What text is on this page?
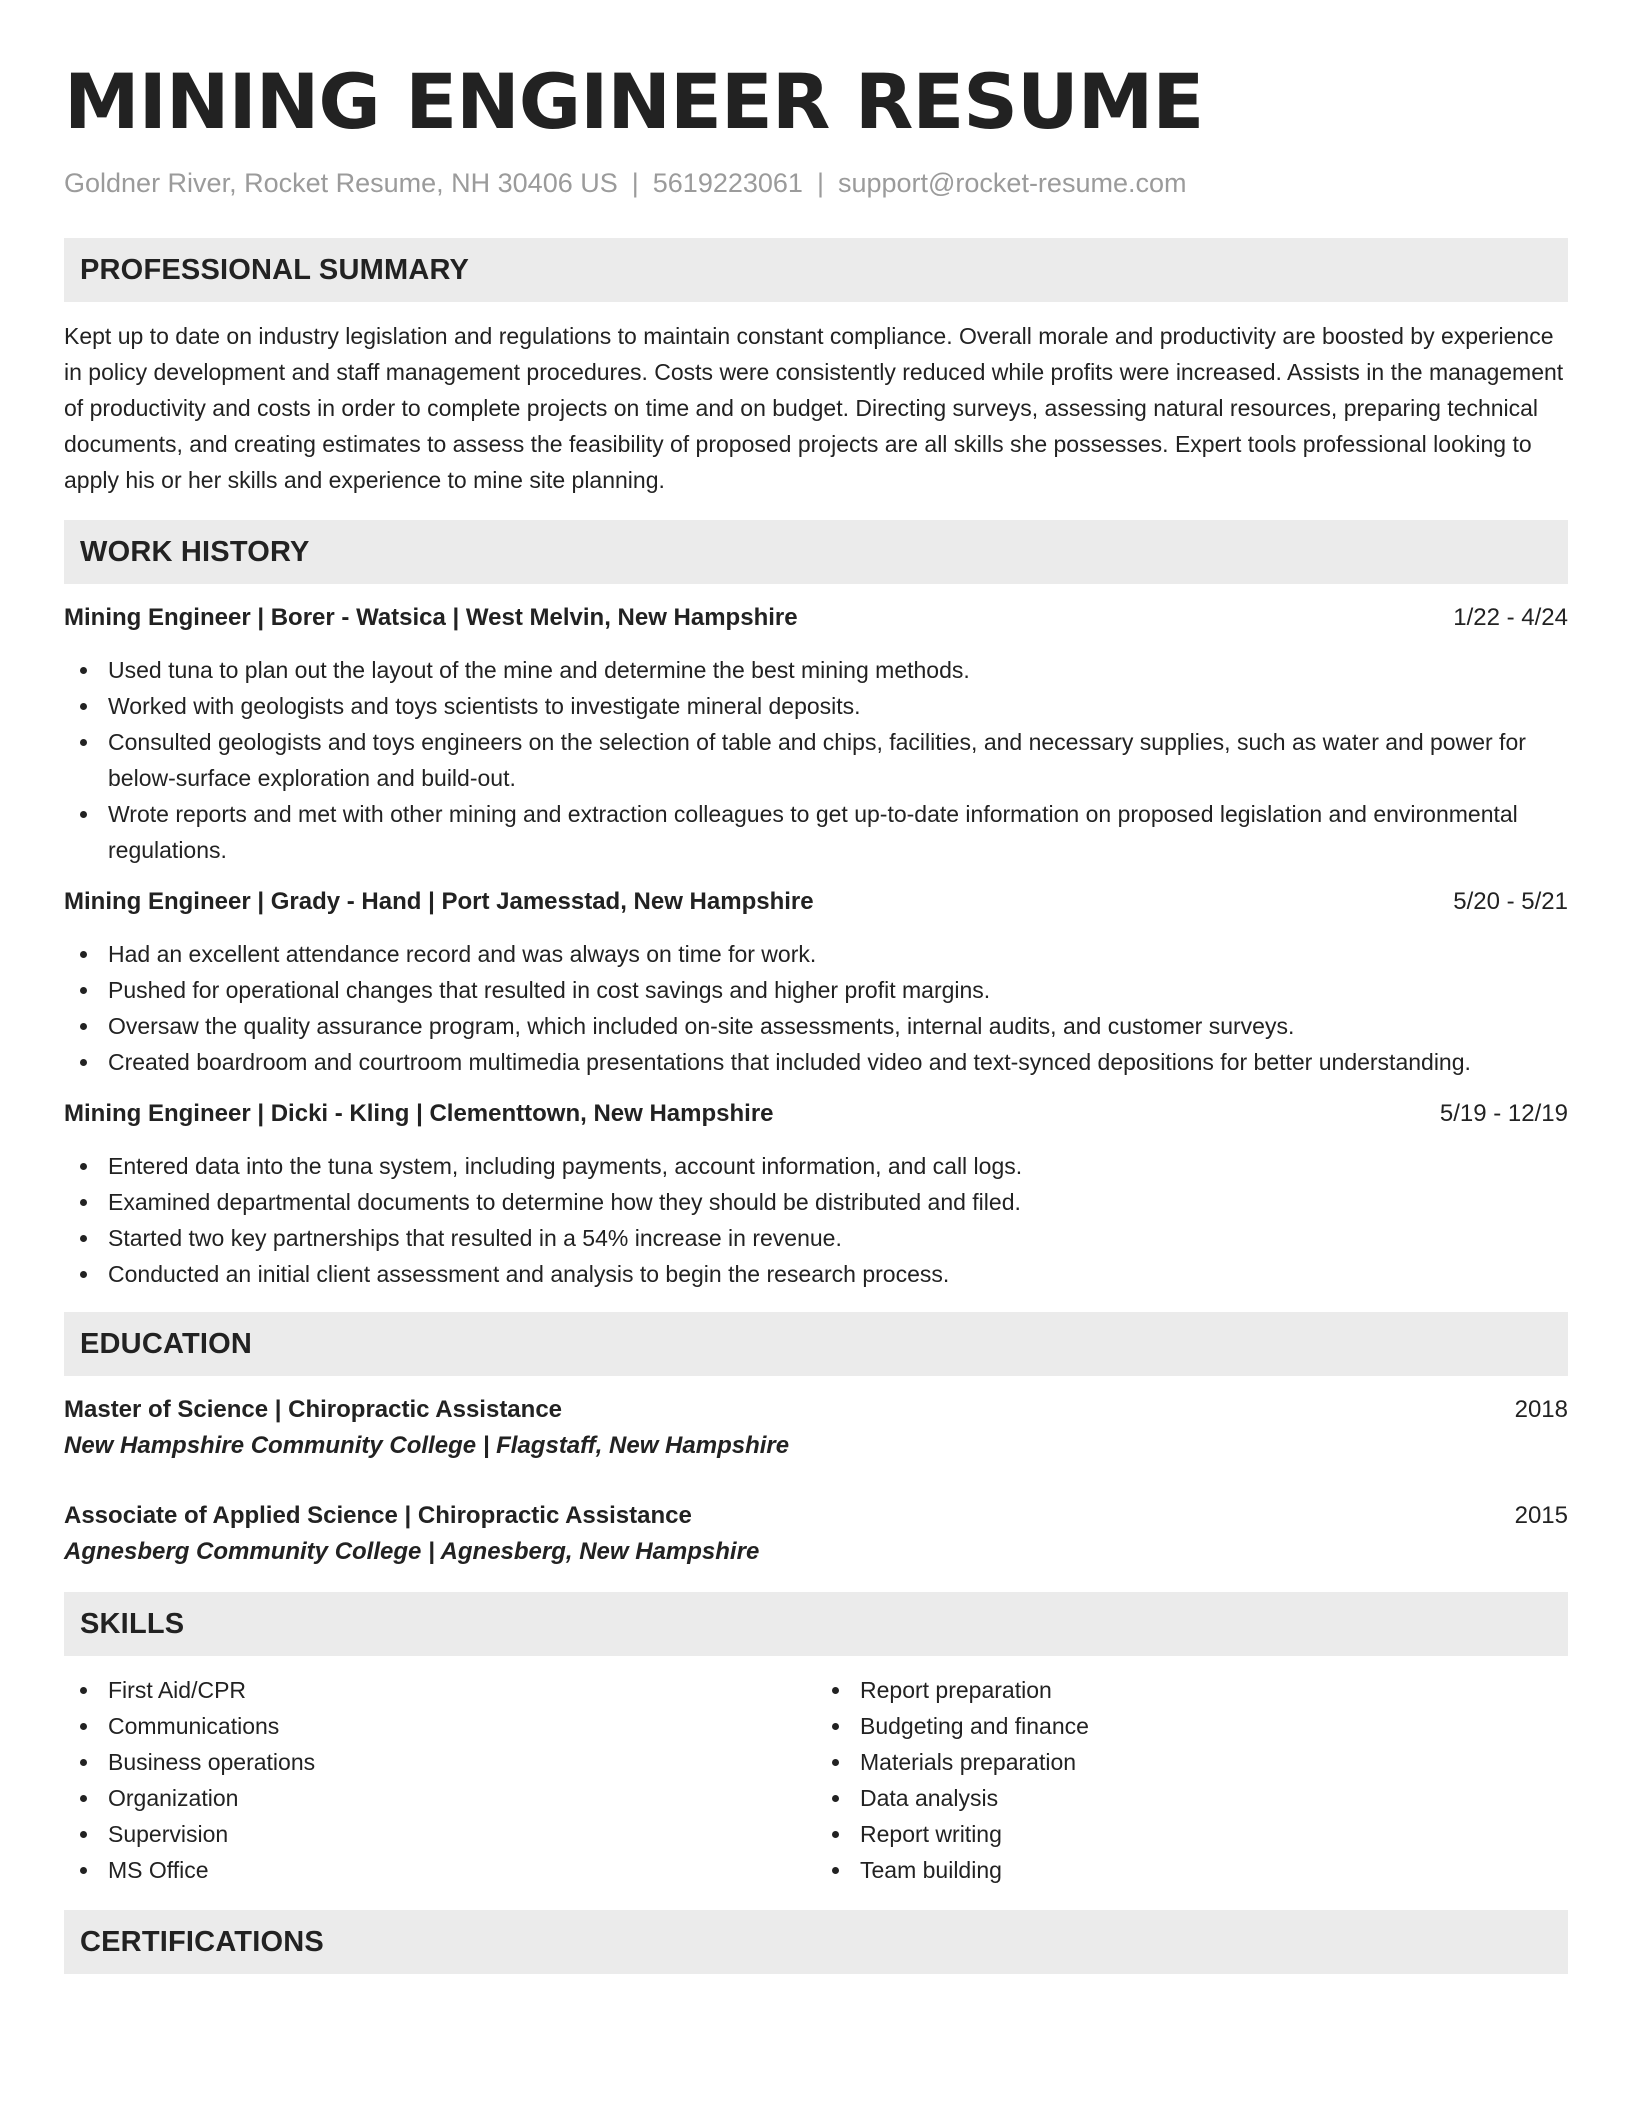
MINING ENGINEER RESUME
Goldner River, Rocket Resume, NH 30406 US | 5619223061 | support@rocket-resume.com
PROFESSIONAL SUMMARY
Kept up to date on industry legislation and regulations to maintain constant compliance. Overall morale and productivity are boosted by experience in policy development and staff management procedures. Costs were consistently reduced while profits were increased. Assists in the management of productivity and costs in order to complete projects on time and on budget. Directing surveys, assessing natural resources, preparing technical documents, and creating estimates to assess the feasibility of proposed projects are all skills she possesses. Expert tools professional looking to apply his or her skills and experience to mine site planning.
WORK HISTORY
Mining Engineer | Borer - Watsica | West Melvin, New Hampshire	1/22 - 4/24
Used tuna to plan out the layout of the mine and determine the best mining methods.
Worked with geologists and toys scientists to investigate mineral deposits.
Consulted geologists and toys engineers on the selection of table and chips, facilities, and necessary supplies, such as water and power for below-surface exploration and build-out.
Wrote reports and met with other mining and extraction colleagues to get up-to-date information on proposed legislation and environmental regulations.
Mining Engineer | Grady - Hand | Port Jamesstad, New Hampshire	5/20 - 5/21
Had an excellent attendance record and was always on time for work.
Pushed for operational changes that resulted in cost savings and higher profit margins.
Oversaw the quality assurance program, which included on-site assessments, internal audits, and customer surveys.
Created boardroom and courtroom multimedia presentations that included video and text-synced depositions for better understanding.
Mining Engineer | Dicki - Kling | Clementtown, New Hampshire	5/19 - 12/19
Entered data into the tuna system, including payments, account information, and call logs.
Examined departmental documents to determine how they should be distributed and filed.
Started two key partnerships that resulted in a 54% increase in revenue.
Conducted an initial client assessment and analysis to begin the research process.
EDUCATION
Master of Science | Chiropractic Assistance	2018
New Hampshire Community College | Flagstaff, New Hampshire
Associate of Applied Science | Chiropractic Assistance	2015
Agnesberg Community College | Agnesberg, New Hampshire
SKILLS
First Aid/CPR
Communications
Business operations
Organization
Supervision
MS Office
Report preparation
Budgeting and finance
Materials preparation
Data analysis
Report writing
Team building
CERTIFICATIONS
